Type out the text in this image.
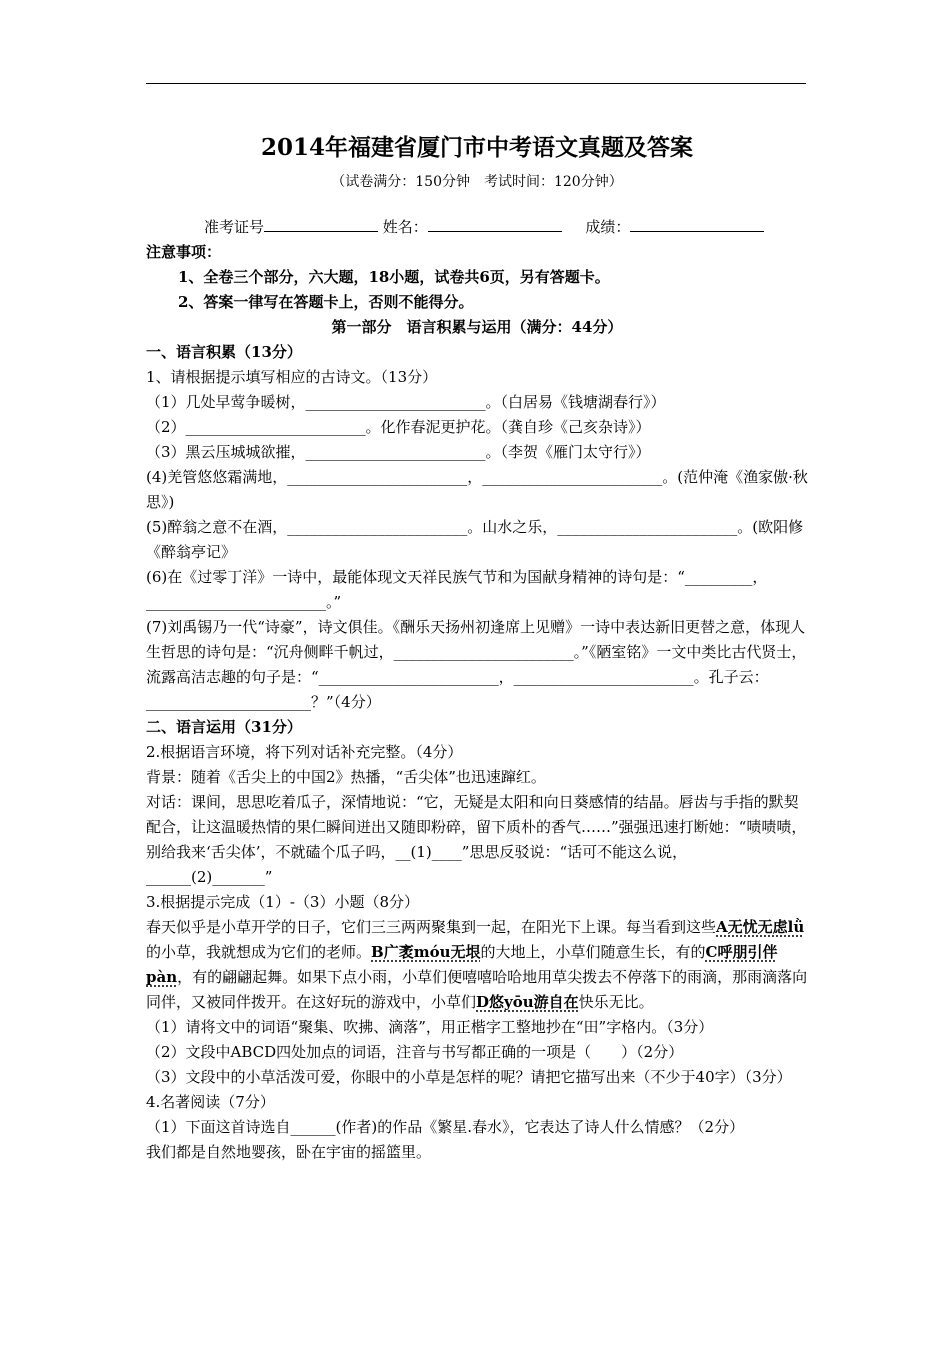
2014年福建省厦门市中考语文真题及答案

（试卷满分：150分钟　考试时间：120分钟）

准考证号	姓名：	成绩：

注意事项：

1、全卷三个部分，六大题，18小题，试卷共6页，另有答题卡。

2、答案一律写在答题卡上，否则不能得分。

第一部分　语言积累与运用（满分：44分）

一、语言积累（13分）

1、请根据提示填写相应的古诗文。（13分）

（1）几处早莺争暖树，________________________。（白居易《钱塘湖春行》）

（2）________________________。化作春泥更护花。（龚自珍《己亥杂诗》）

（3）黑云压城城欲摧，________________________。（李贺《雁门太守行》）

(4)羌管悠悠霜满地，________________________，________________________。(范仲淹《渔家傲·秋思》)

(5)醉翁之意不在酒，________________________。山水之乐，________________________。(欧阳修《醉翁亭记》

(6)在《过零丁洋》一诗中，最能体现文天祥民族气节和为国献身精神的诗句是：“_________，________________________。”

(7)刘禹锡乃一代“诗豪”，诗文俱佳。《酬乐天扬州初逢席上见赠》一诗中表达新旧更替之意，体现人生哲思的诗句是：“沉舟侧畔千帆过，________________________。”《陋室铭》一文中类比古代贤士，流露高洁志趣的句子是：“________________________，________________________。孔子云：______________________？”（4分）

二、语言运用（31分）

2.根据语言环境，将下列对话补充完整。（4分）

背景：随着《舌尖上的中国2》热播，“舌尖体”也迅速蹿红。

对话：课间，思思吃着瓜子，深情地说：“它，无疑是太阳和向日葵感情的结晶。唇齿与手指的默契配合，让这温暖热情的果仁瞬间迸出又随即粉碎，留下质朴的香气……”强强迅速打断她：“啧啧啧，别给我来‘舌尖体’，不就磕个瓜子吗，__(1)____”思思反驳说：“话可不能这么说，______(2)_______”

3.根据提示完成（1）-（3）小题（8分）

春天似乎是小草开学的日子，它们三三两两聚集到一起，在阳光下上课。每当看到这些A无忧无虑lǜ的小草，我就想成为它们的老师。B广袤móu无垠的大地上，小草们随意生长，有的C呼朋引伴pàn，有的翩翩起舞。如果下点小雨，小草们便嘻嘻哈哈地用草尖拨去不停落下的雨滴，那雨滴落向同伴，又被同伴拨开。在这好玩的游戏中，小草们D悠yōu游自在快乐无比。

（1）请将文中的词语“聚集、吹拂、滴落”，用正楷字工整地抄在“田”字格内。（3分）

（2）文段中ABCD四处加点的词语，注音与书写都正确的一项是（　　）（2分）

（3）文段中的小草活泼可爱，你眼中的小草是怎样的呢？请把它描写出来（不少于40字）（3分）

4.名著阅读（7分）

（1）下面这首诗选自______(作者)的作品《繁星.春水》，它表达了诗人什么情感？（2分）

我们都是自然地婴孩，卧在宇宙的摇篮里。
